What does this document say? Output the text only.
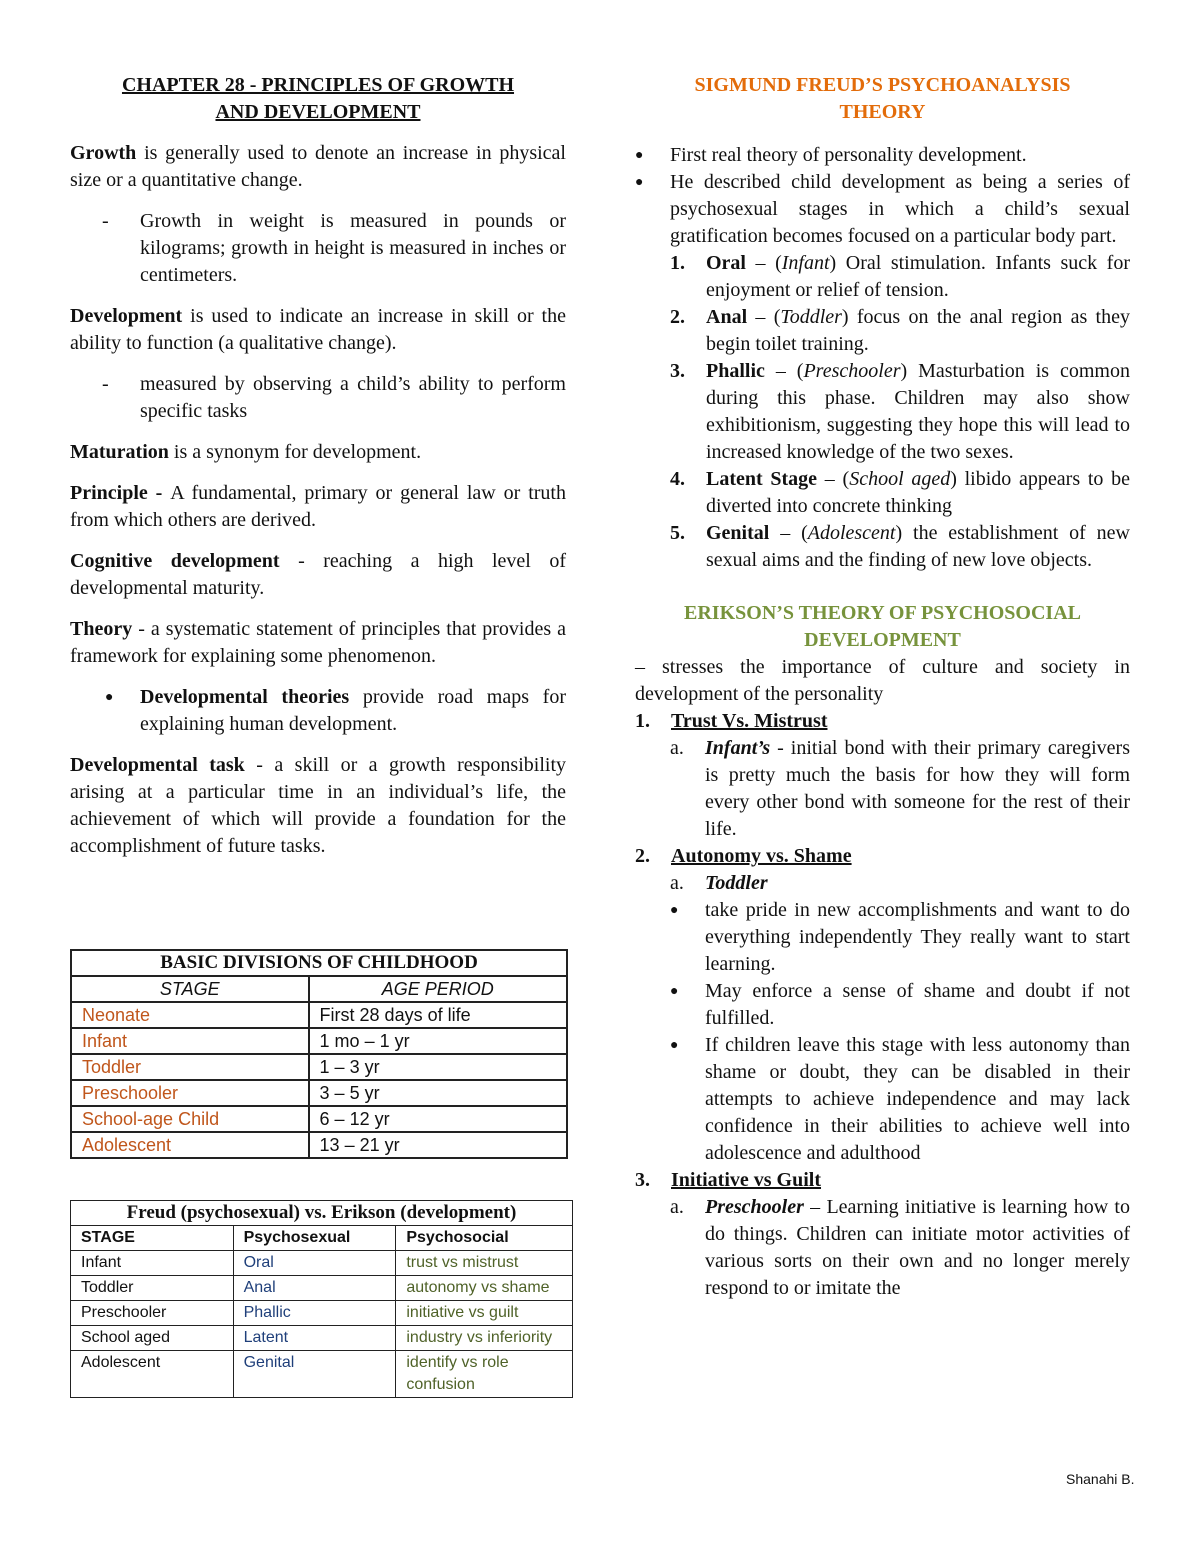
CHAPTER 28 - PRINCIPLES OF GROWTH
AND DEVELOPMENT

Growth is generally used to denote an increase in physical size or a quantitative change.

-	Growth in weight is measured in pounds or kilograms; growth in height is measured in inches or centimeters.

Development is used to indicate an increase in skill or the ability to function (a qualitative change).

-	measured by observing a child’s ability to perform specific tasks

Maturation is a synonym for development.

Principle - A fundamental, primary or general law or truth from which others are derived.

Cognitive development - reaching a high level of developmental maturity.

Theory - a systematic statement of principles that provides a framework for explaining some phenomenon.

●	Developmental theories provide road maps for explaining human development.

Developmental task - a skill or a growth responsibility arising at a particular time in an individual’s life, the achievement of which will provide a foundation for the accomplishment of future tasks.

BASIC DIVISIONS OF CHILDHOOD	
STAGE	AGE PERIOD
Neonate	First 28 days of life
Infant	1 mo – 1 yr
Toddler	1 – 3 yr
Preschooler	3 – 5 yr
School-age Child	6 – 12 yr
Adolescent	13 – 21 yr
Freud (psychosexual) vs. Erikson (development)		
STAGE	Psychosexual	Psychosocial
Infant	Oral	trust vs mistrust
Toddler	Anal	autonomy vs shame
Preschooler	Phallic	initiative vs guilt
School aged	Latent	industry vs inferiority
Adolescent	Genital	identify vs role confusion
SIGMUND FREUD’S PSYCHOANALYSIS
THEORY
●	First real theory of personality development.
●	He described child development as being a series of psychosexual stages in which a child’s sexual gratification becomes focused on a particular body part.
1.	Oral – (Infant) Oral stimulation. Infants suck for enjoyment or relief of tension.
2.	Anal – (Toddler) focus on the anal region as they begin toilet training.
3.	Phallic – (Preschooler) Masturbation is common during this phase. Children may also show exhibitionism, suggesting they hope this will lead to increased knowledge of the two sexes.
4.	Latent Stage – (School aged) libido appears to be diverted into concrete thinking
5.	Genital – (Adolescent) the establishment of new sexual aims and the finding of new love objects.
ERIKSON’S THEORY OF PSYCHOSOCIAL
DEVELOPMENT

– stresses the importance of culture and society in development of the personality

1.	Trust Vs. Mistrust
a.	Infant’s - initial bond with their primary caregivers is pretty much the basis for how they will form every other bond with someone for the rest of their life.
2.	Autonomy vs. Shame
a.	Toddler
●	take pride in new accomplishments and want to do everything independently They really want to start learning.
●	May enforce a sense of shame and doubt if not fulfilled.
●	If children leave this stage with less autonomy than shame or doubt, they can be disabled in their attempts to achieve independence and may lack confidence in their abilities to achieve well into adolescence and adulthood
3.	Initiative vs Guilt
a.	Preschooler – Learning initiative is learning how to do things. Children can initiate motor activities of various sorts on their own and no longer merely respond to or imitate the
Shanahi B.
